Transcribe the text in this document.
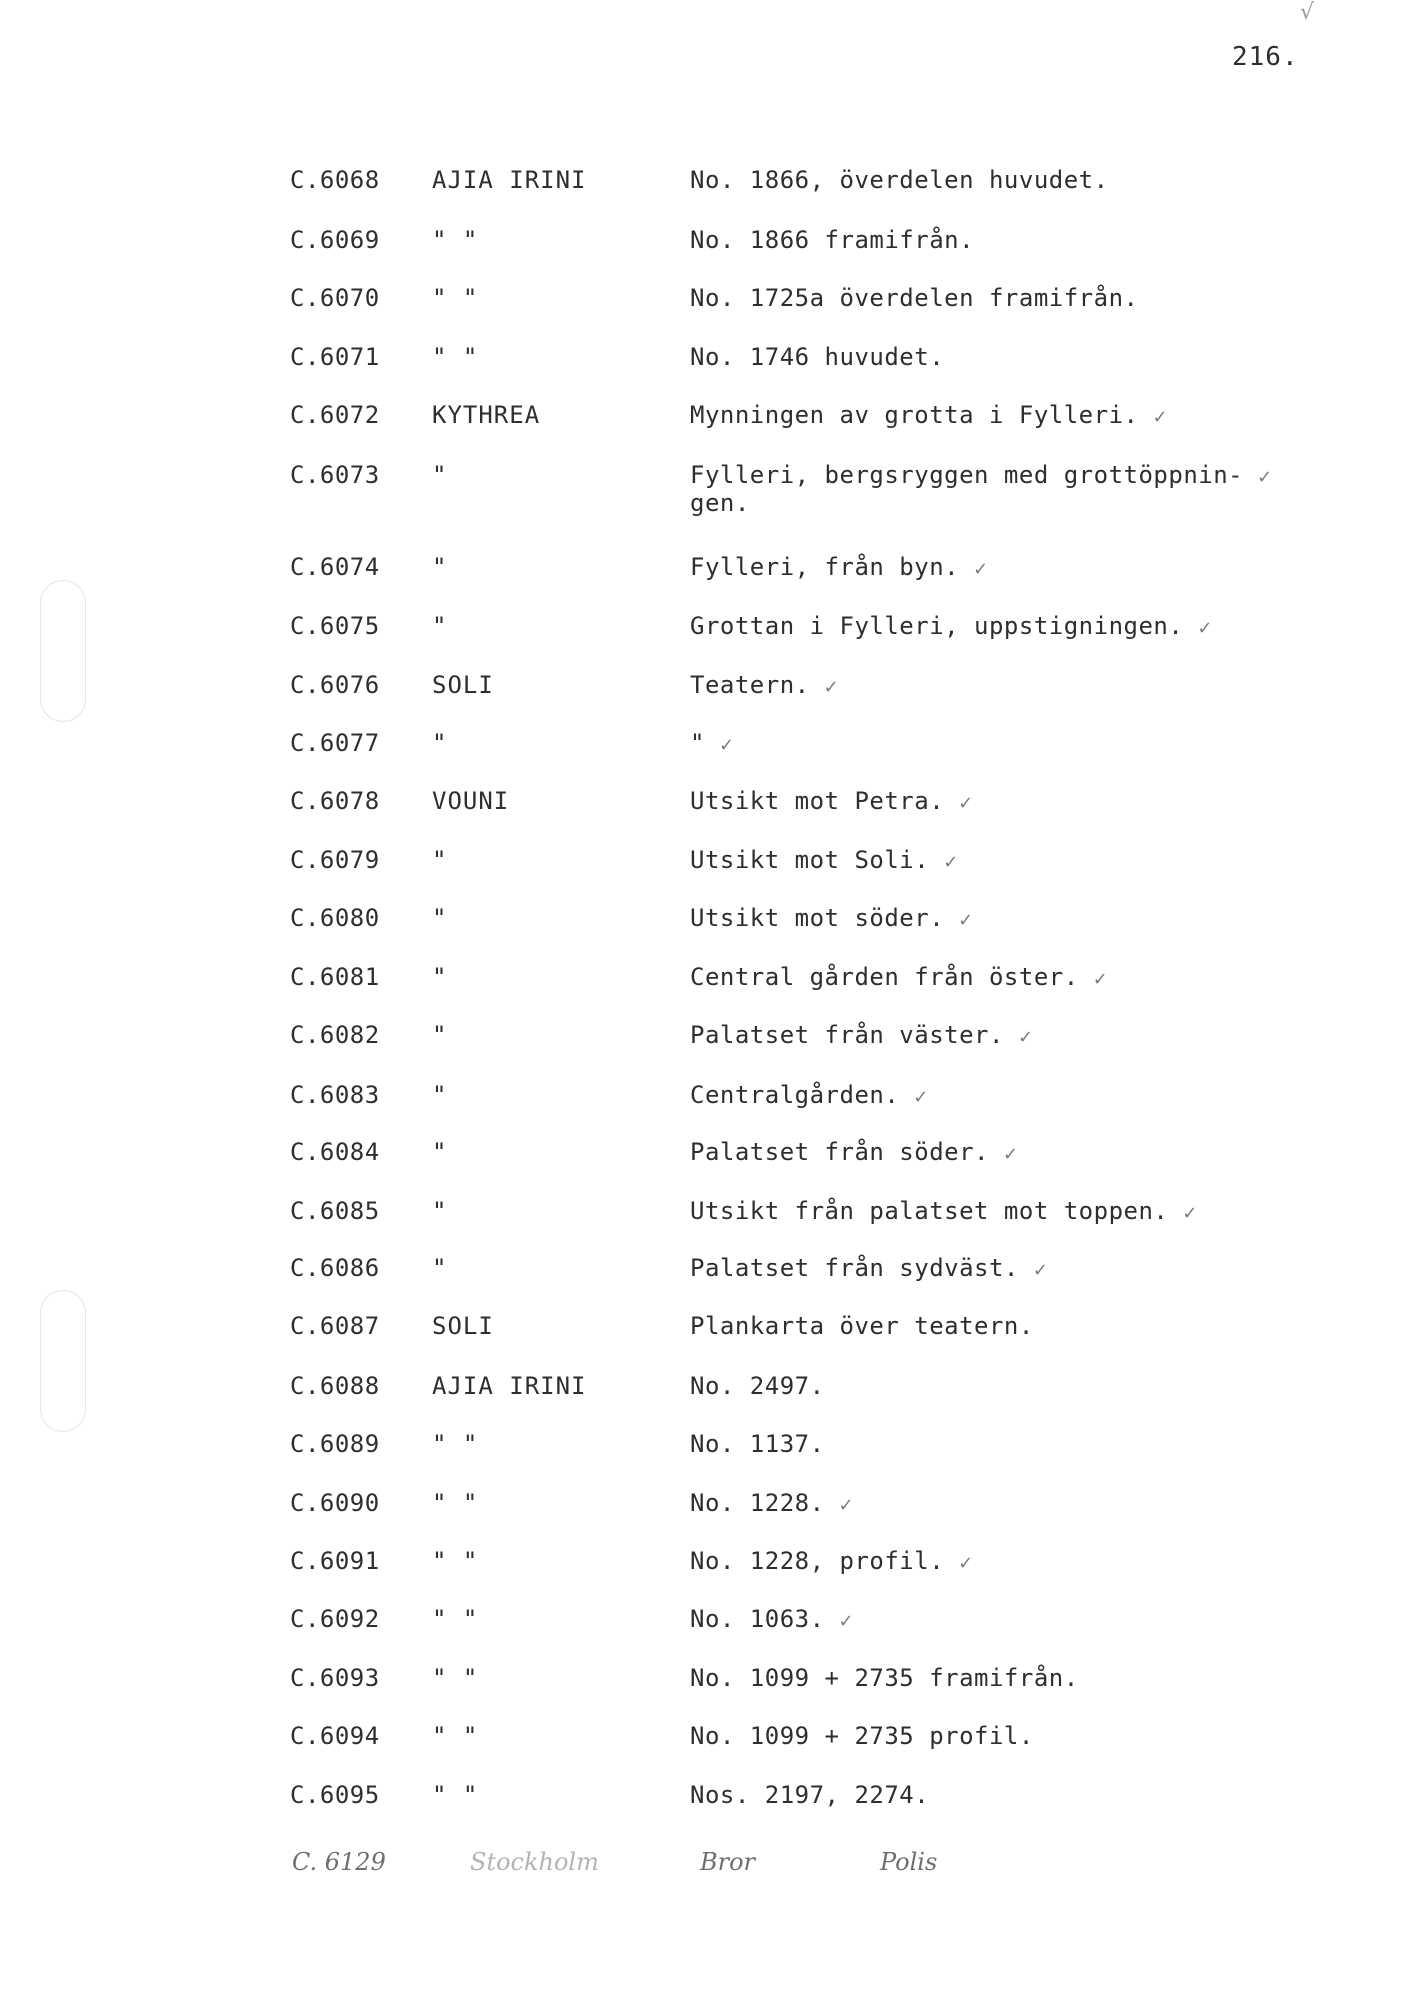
√
216.
C.6068 AJIA IRINI	No. 1866, överdelen huvudet.
C.6069 " "	No. 1866 framifrån.
C.6070 " "	No. 1725a överdelen framifrån.
C.6071 " "	No. 1746 huvudet.
C.6072 KYTHREA	Mynningen av grotta i Fylleri. ✓
C.6073 "	Fylleri, bergsryggen med grottöppnin- ✓
gen.
C.6074 "	Fylleri, från byn. ✓
C.6075 "	Grottan i Fylleri, uppstigningen. ✓
C.6076 SOLI	Teatern. ✓
C.6077 "	" ✓
C.6078 VOUNI	Utsikt mot Petra. ✓
C.6079 "	Utsikt mot Soli. ✓
C.6080 "	Utsikt mot söder. ✓
C.6081 "	Central gården från öster. ✓
C.6082 "	Palatset från väster. ✓
C.6083 "	Centralgården. ✓
C.6084 "	Palatset från söder. ✓
C.6085 "	Utsikt från palatset mot toppen. ✓
C.6086 "	Palatset från sydväst. ✓
C.6087 SOLI	Plankarta över teatern.
C.6088 AJIA IRINI	No. 2497.
C.6089 " "	No. 1137.
C.6090 " "	No. 1228. ✓
C.6091 " "	No. 1228, profil. ✓
C.6092 " "	No. 1063. ✓
C.6093 " "	No. 1099 + 2735 framifrån.
C.6094 " "	No. 1099 + 2735 profil.
C.6095 " "	Nos. 2197, 2274.
C. 6129	Stockholm	Bror	Polis
